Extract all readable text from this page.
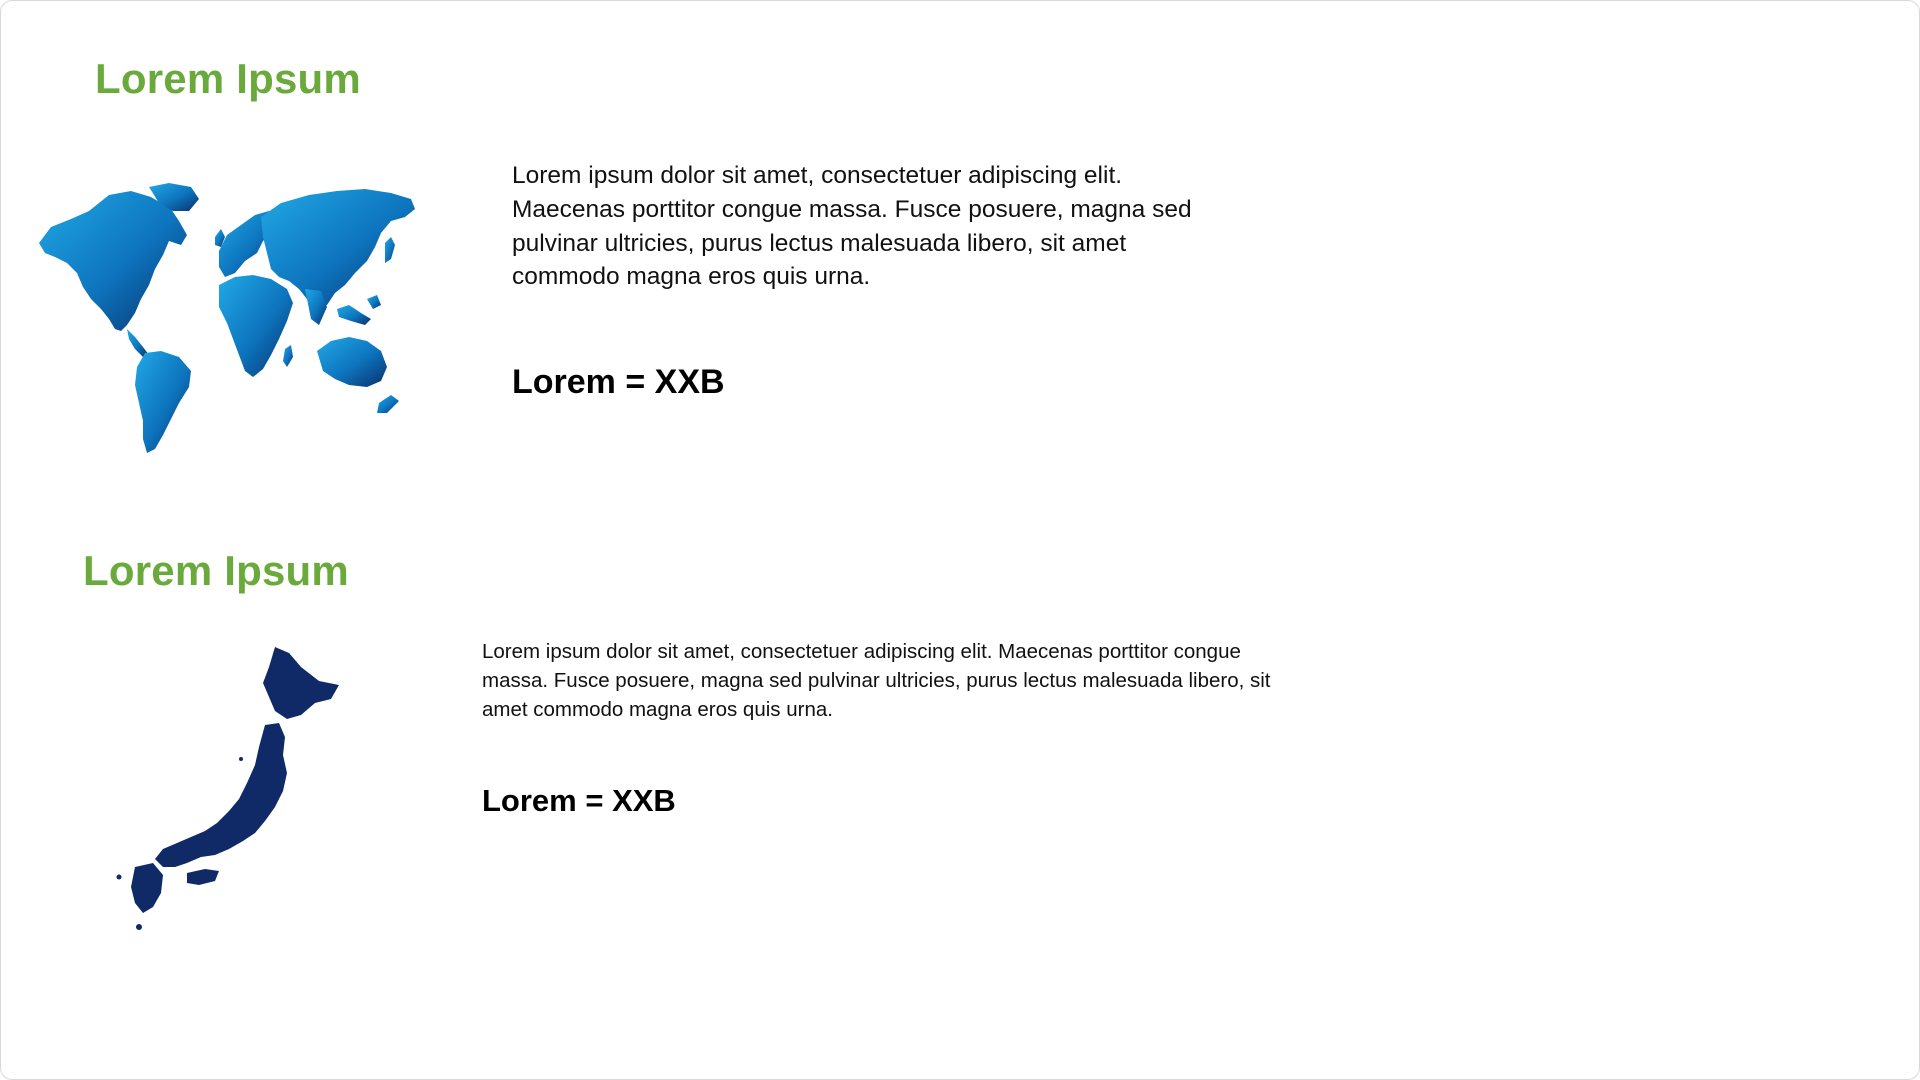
Lorem Ipsum
Lorem ipsum dolor sit amet, consectetuer adipiscing elit.
Maecenas porttitor congue massa. Fusce posuere, magna sed
pulvinar ultricies, purus lectus malesuada libero, sit amet
commodo magna eros quis urna.
Lorem = XXB
Lorem Ipsum
Lorem ipsum dolor sit amet, consectetuer adipiscing elit. Maecenas porttitor congue
massa. Fusce posuere, magna sed pulvinar ultricies, purus lectus malesuada libero, sit
amet commodo magna eros quis urna.
Lorem = XXB
